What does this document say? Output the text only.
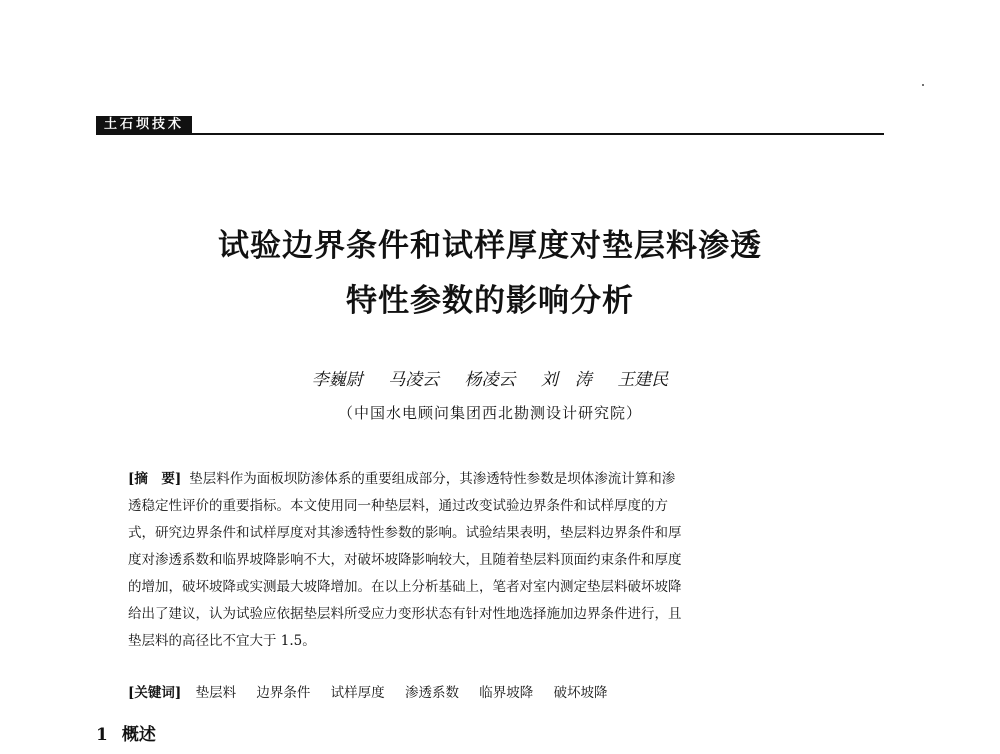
土石坝技术
试验边界条件和试样厚度对垫层料渗透
特性参数的影响分析
李巍尉 马凌云 杨凌云 刘　涛 王建民
（中国水电顾问集团西北勘测设计研究院）
[摘　要] 垫层料作为面板坝防渗体系的重要组成部分，其渗透特性参数是坝体渗流计算和渗
透稳定性评价的重要指标。本文使用同一种垫层料，通过改变试验边界条件和试样厚度的方
式，研究边界条件和试样厚度对其渗透特性参数的影响。试验结果表明，垫层料边界条件和厚
度对渗透系数和临界坡降影响不大，对破坏坡降影响较大，且随着垫层料顶面约束条件和厚度
的增加，破坏坡降或实测最大坡降增加。在以上分析基础上，笔者对室内测定垫层料破坏坡降
给出了建议，认为试验应依据垫层料所受应力变形状态有针对性地选择施加边界条件进行，且
垫层料的高径比不宜大于 1.5。
[关键词] 垫层料 边界条件 试样厚度 渗透系数 临界坡降 破坏坡降
1 概述
